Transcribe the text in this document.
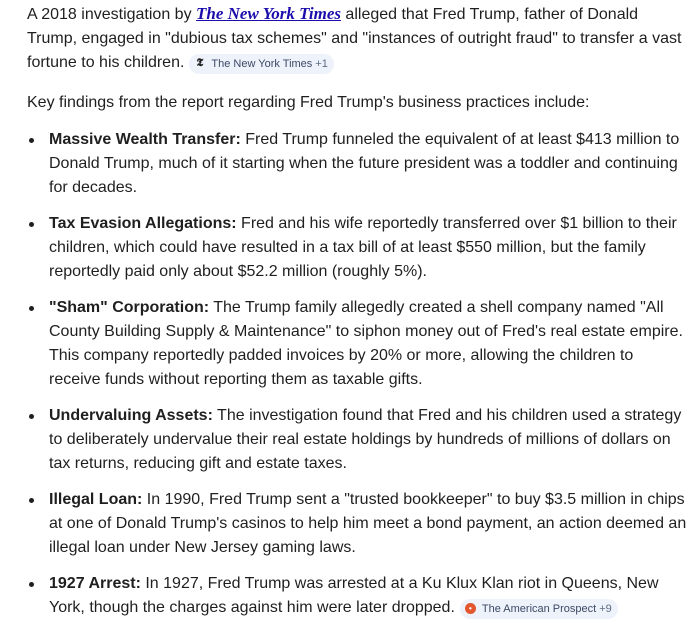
A 2018 investigation by The New York Times alleged that Fred Trump, father of Donald Trump, engaged in "dubious tax schemes" and "instances of outright fraud" to transfer a vast fortune to his children. 𝕿 The New York Times +1

Key findings from the report regarding Fred Trump's business practices include:

Massive Wealth Transfer: Fred Trump funneled the equivalent of at least $413 million to Donald Trump, much of it starting when the future president was a toddler and continuing for decades.
Tax Evasion Allegations: Fred and his wife reportedly transferred over $1 billion to their children, which could have resulted in a tax bill of at least $550 million, but the family reportedly paid only about $52.2 million (roughly 5%).
"Sham" Corporation: The Trump family allegedly created a shell company named "All County Building Supply & Maintenance" to siphon money out of Fred's real estate empire. This company reportedly padded invoices by 20% or more, allowing the children to receive funds without reporting them as taxable gifts.
Undervaluing Assets: The investigation found that Fred and his children used a strategy to deliberately undervalue their real estate holdings by hundreds of millions of dollars on tax returns, reducing gift and estate taxes.
Illegal Loan: In 1990, Fred Trump sent a "trusted bookkeeper" to buy $3.5 million in chips at one of Donald Trump's casinos to help him meet a bond payment, an action deemed an illegal loan under New Jersey gaming laws.
1927 Arrest: In 1927, Fred Trump was arrested at a Ku Klux Klan riot in Queens, New York, though the charges against him were later dropped.	• The American Prospect +9
